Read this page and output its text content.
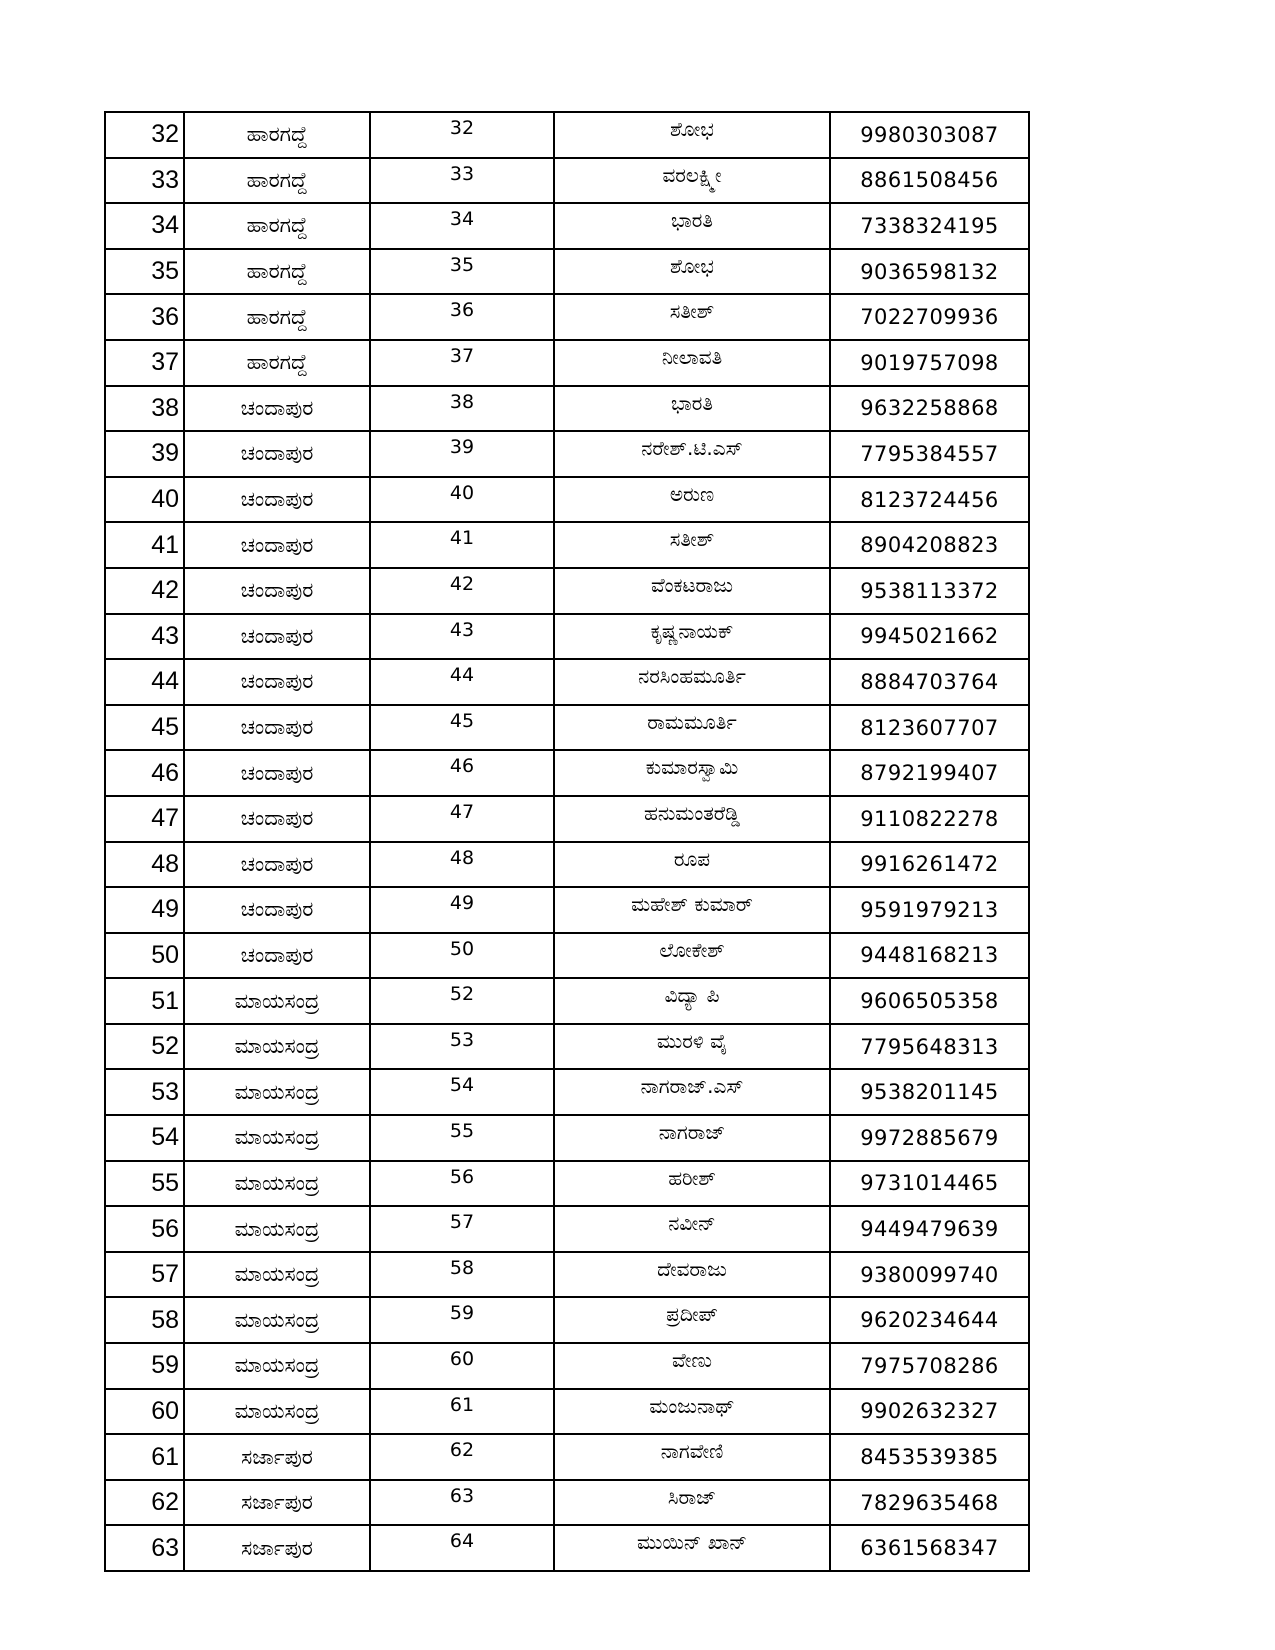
32	ಹಾರಗದ್ದೆ	32	ಶೋಭ	9980303087
33	ಹಾರಗದ್ದೆ	33	ವರಲಕ್ಷ್ಮೀ	8861508456
34	ಹಾರಗದ್ದೆ	34	ಭಾರತಿ	7338324195
35	ಹಾರಗದ್ದೆ	35	ಶೋಭ	9036598132
36	ಹಾರಗದ್ದೆ	36	ಸತೀಶ್	7022709936
37	ಹಾರಗದ್ದೆ	37	ನೀಲಾವತಿ	9019757098
38	ಚಂದಾಪುರ	38	ಭಾರತಿ	9632258868
39	ಚಂದಾಪುರ	39	ನರೇಶ್.ಟಿ.ಎಸ್	7795384557
40	ಚಂದಾಪುರ	40	ಅರುಣ	8123724456
41	ಚಂದಾಪುರ	41	ಸತೀಶ್	8904208823
42	ಚಂದಾಪುರ	42	ವೆಂಕಟರಾಜು	9538113372
43	ಚಂದಾಪುರ	43	ಕೃಷ್ಣನಾಯಕ್	9945021662
44	ಚಂದಾಪುರ	44	ನರಸಿಂಹಮೂರ್ತಿ	8884703764
45	ಚಂದಾಪುರ	45	ರಾಮಮೂರ್ತಿ	8123607707
46	ಚಂದಾಪುರ	46	ಕುಮಾರಸ್ವಾಮಿ	8792199407
47	ಚಂದಾಪುರ	47	ಹನುಮಂತರೆಡ್ಡಿ	9110822278
48	ಚಂದಾಪುರ	48	ರೂಪ	9916261472
49	ಚಂದಾಪುರ	49	ಮಹೇಶ್ ಕುಮಾರ್	9591979213
50	ಚಂದಾಪುರ	50	ಲೋಕೇಶ್	9448168213
51	ಮಾಯಸಂದ್ರ	52	ವಿದ್ಯಾ ಪಿ	9606505358
52	ಮಾಯಸಂದ್ರ	53	ಮುರಳಿ ವೈ	7795648313
53	ಮಾಯಸಂದ್ರ	54	ನಾಗರಾಜ್.ಎಸ್	9538201145
54	ಮಾಯಸಂದ್ರ	55	ನಾಗರಾಜ್	9972885679
55	ಮಾಯಸಂದ್ರ	56	ಹರೀಶ್	9731014465
56	ಮಾಯಸಂದ್ರ	57	ನವೀನ್	9449479639
57	ಮಾಯಸಂದ್ರ	58	ದೇವರಾಜು	9380099740
58	ಮಾಯಸಂದ್ರ	59	ಪ್ರದೀಪ್	9620234644
59	ಮಾಯಸಂದ್ರ	60	ವೇಣು	7975708286
60	ಮಾಯಸಂದ್ರ	61	ಮಂಜುನಾಥ್	9902632327
61	ಸರ್ಜಾಪುರ	62	ನಾಗವೇಣಿ	8453539385
62	ಸರ್ಜಾಪುರ	63	ಸಿರಾಜ್	7829635468
63	ಸರ್ಜಾಪುರ	64	ಮುಯಿನ್ ಖಾನ್	6361568347
